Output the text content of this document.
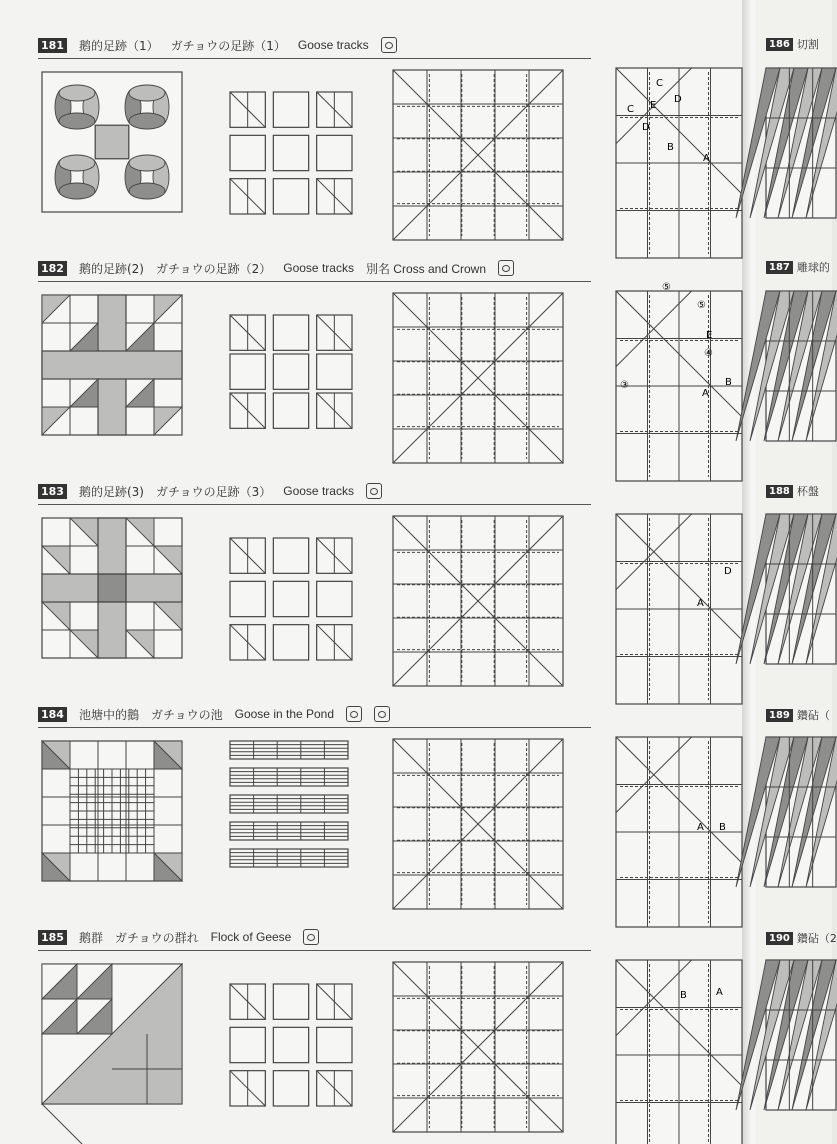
181 鹅的足跡（1） ガチョウの足跡（1） Goose tracks
182 鹅的足跡(2) ガチョウの足跡（2） Goose tracks 別名 Cross and Crown
183 鹅的足跡(3) ガチョウの足跡（3） Goose tracks
184 池塘中的鵝 ガチョウの池 Goose in the Pond
185 鹅群 ガチョウの群れ Flock of Geese
186 切割
187 雕球的
188 杯盤
189 鑽砧（
190 鑽砧（2
C
E
D
C
D
B
A
⑤
⑤
E
④
B
A
③
D
A
A B
B	A
